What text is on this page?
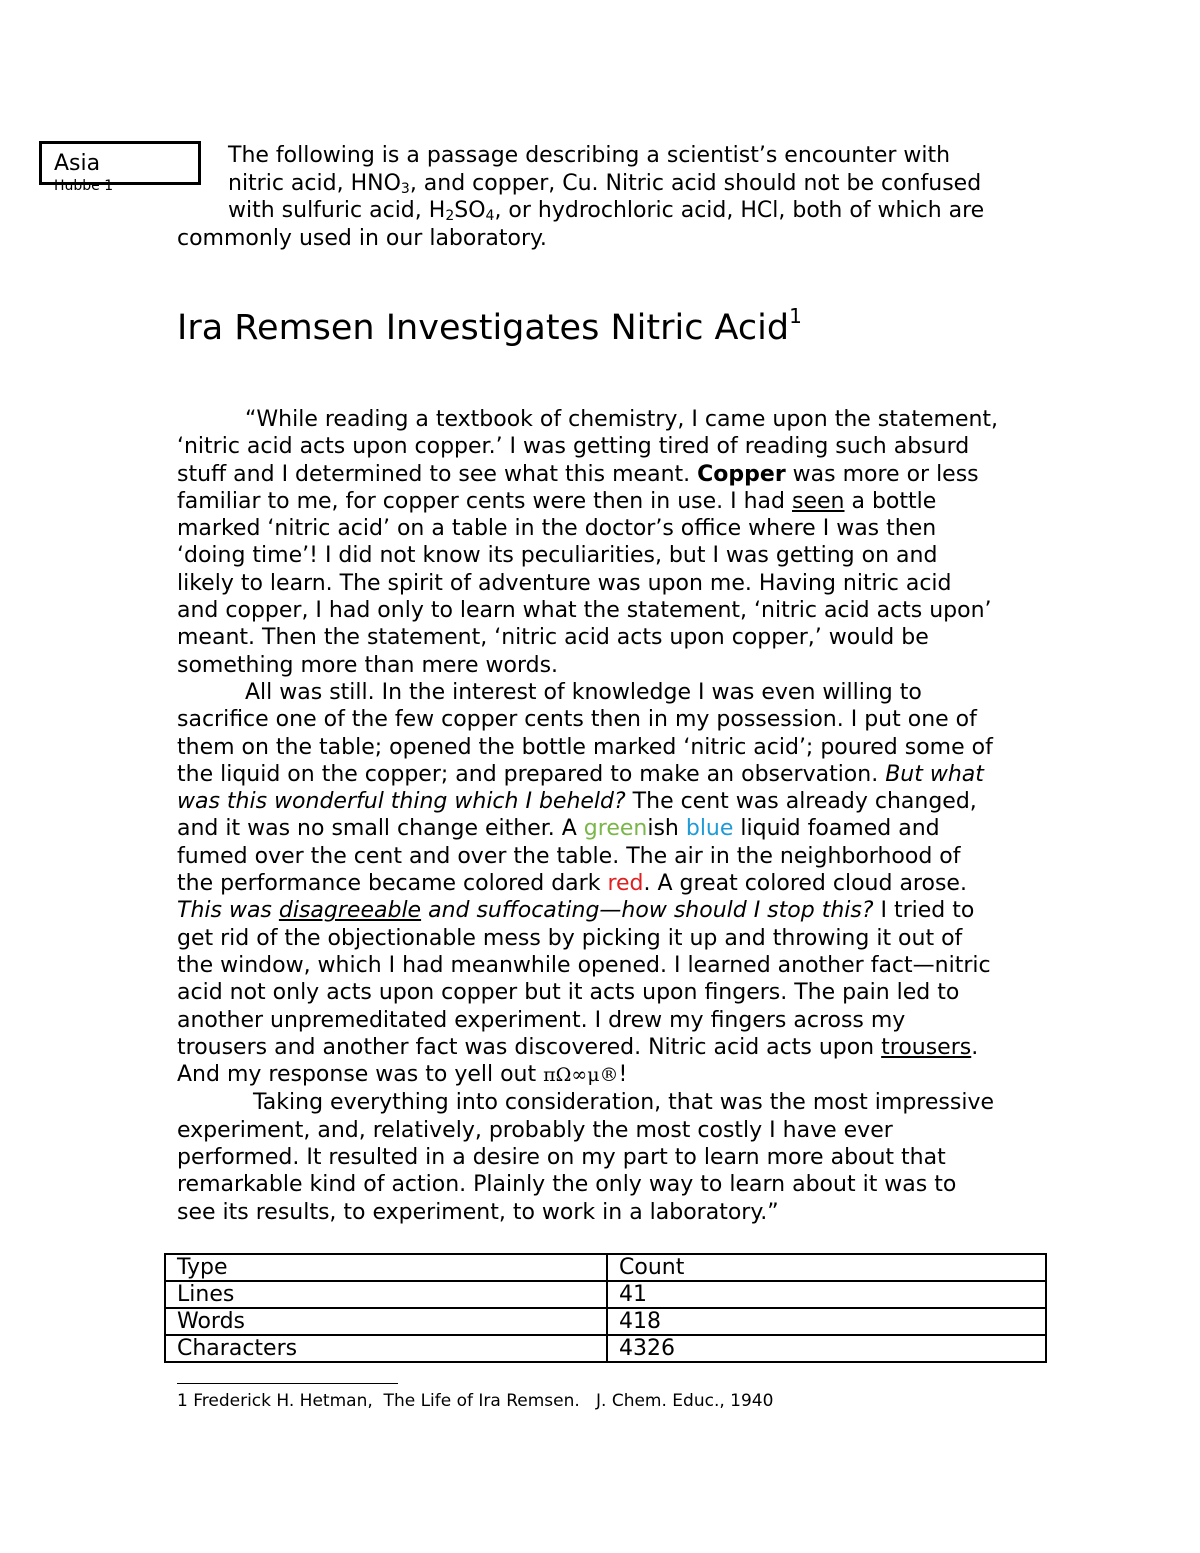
Asia
Hubbe 1
The following is a passage describing a scientist’s encounter with
nitric acid, $HNO_3$, and copper, Cu. Nitric acid should not be confused
with sulfuric acid, $H_2SO_4$, or hydrochloric acid, HCl, both of which are
commonly used in our laboratory.
Ira Remsen Investigates Nitric Acid$^1$

“While reading a textbook of chemistry, I came upon the statement,
‘nitric acid acts upon copper.’ I was getting tired of reading such absurd
stuff and I determined to see what this meant. Copper was more or less
familiar to me, for copper cents were then in use. I had seen a bottle
marked ‘nitric acid’ on a table in the doctor’s office where I was then
‘doing time’! I did not know its peculiarities, but I was getting on and
likely to learn. The spirit of adventure was upon me. Having nitric acid
and copper, I had only to learn what the statement, ‘nitric acid acts upon’
meant. Then the statement, ‘nitric acid acts upon copper,’ would be
something more than mere words.

All was still. In the interest of knowledge I was even willing to
sacrifice one of the few copper cents then in my possession. I put one of
them on the table; opened the bottle marked ‘nitric acid’; poured some of
the liquid on the copper; and prepared to make an observation. But what
was this wonderful thing which I beheld? The cent was already changed,
and it was no small change either. A greenish blue liquid foamed and
fumed over the cent and over the table. The air in the neighborhood of
the performance became colored dark red. A great colored cloud arose.
This was disagreeable and suffocating—how should I stop this? I tried to
get rid of the objectionable mess by picking it up and throwing it out of
the window, which I had meanwhile opened. I learned another fact—nitric
acid not only acts upon copper but it acts upon fingers. The pain led to
another unpremeditated experiment. I drew my fingers across my
trousers and another fact was discovered. Nitric acid acts upon trousers.
And my response was to yell out πΩ∞μ®!

Taking everything into consideration, that was the most impressive
experiment, and, relatively, probably the most costly I have ever
performed. It resulted in a desire on my part to learn more about that
remarkable kind of action. Plainly the only way to learn about it was to
see its results, to experiment, to work in a laboratory.”

Type	Count
Lines	41
Words	418
Characters	4326
1 Frederick H. Hetman,  The Life of Ira Remsen.   J. Chem. Educ., 1940
